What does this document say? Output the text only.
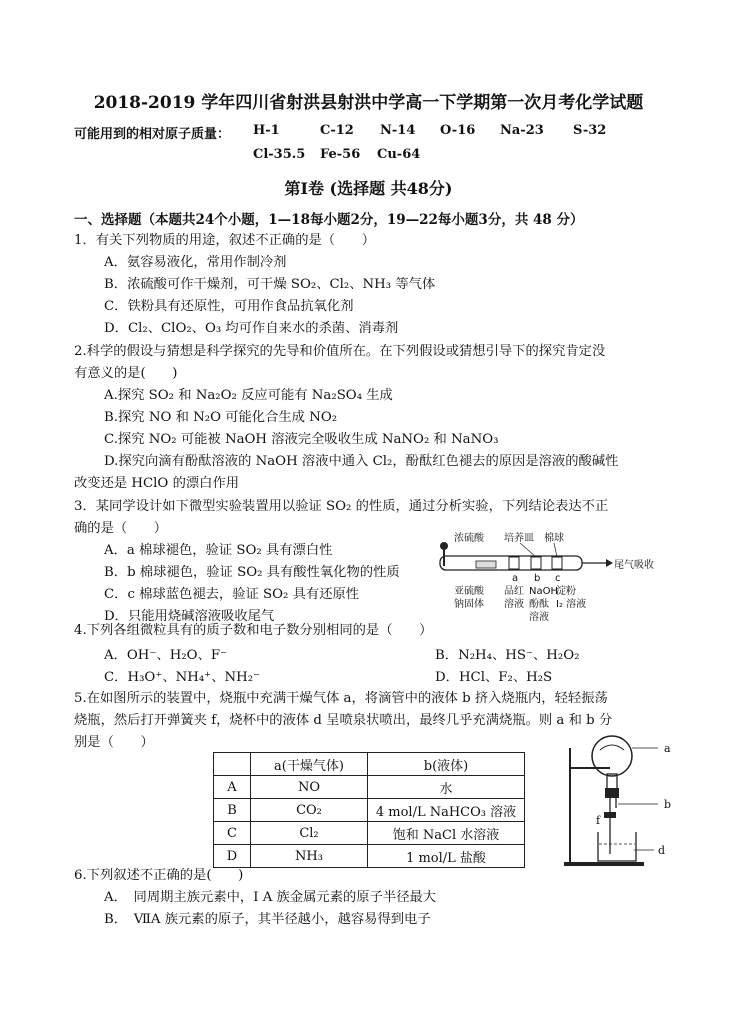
2018-2019 学年四川省射洪县射洪中学高一下学期第一次月考化学试题
可能用到的相对原子质量： H-1	C-12 N-14 O-16 Na-23 S-32
Cl-35.5 Fe-56 Cu-64
第Ⅰ卷 (选择题 共48分)
一、选择题（本题共24个小题，1—18每小题2分，19—22每小题3分，共 48 分）
1．有关下列物质的用途，叙述不正确的是（　　）
A．氨容易液化，常用作制冷剂
B．浓硫酸可作干燥剂，可干燥 SO₂、Cl₂、NH₃ 等气体
C．铁粉具有还原性，可用作食品抗氧化剂
D．Cl₂、ClO₂、O₃ 均可作自来水的杀菌、消毒剂
2.科学的假设与猜想是科学探究的先导和价值所在。在下列假设或猜想引导下的探究肯定没
有意义的是(　　)
A.探究 SO₂ 和 Na₂O₂ 反应可能有 Na₂SO₄ 生成
B.探究 NO 和 N₂O 可能化合生成 NO₂
C.探究 NO₂ 可能被 NaOH 溶液完全吸收生成 NaNO₂ 和 NaNO₃
D.探究向滴有酚酞溶液的 NaOH 溶液中通入 Cl₂，酚酞红色褪去的原因是溶液的酸碱性
改变还是 HClO 的漂白作用
3．某同学设计如下微型实验装置用以验证 SO₂ 的性质，通过分析实验，下列结论表达不正
确的是（　　）
A．a 棉球褪色，验证 SO₂ 具有漂白性
B．b 棉球褪色，验证 SO₂ 具有酸性氧化物的性质
C．c 棉球蓝色褪去，验证 SO₂ 具有还原性
D．只能用烧碱溶液吸收尾气
浓硫酸 培养皿 棉球
尾气吸收
亚硫酸
钠固体
a b c
品红
溶液
NaOH
酚酞
溶液
淀粉
I₂ 溶液
4.下列各组微粒具有的质子数和电子数分别相同的是（　　）
A．OH⁻、H₂O、F⁻	B．N₂H₄、HS⁻、H₂O₂
C．H₃O⁺、NH₄⁺、NH₂⁻	D．HCl、F₂、H₂S
5.在如图所示的装置中，烧瓶中充满干燥气体 a，将滴管中的液体 b 挤入烧瓶内，轻轻振荡
烧瓶，然后打开弹簧夹 f，烧杯中的液体 d 呈喷泉状喷出，最终几乎充满烧瓶。则 a 和 b 分
别是（　　）
	a(干燥气体)	b(液体)
A	NO	水
B	CO₂	4 mol/L NaHCO₃ 溶液
C	Cl₂	饱和 NaCl 水溶液
D	NH₃	1 mol/L 盐酸
a
b
f
d
6.下列叙述不正确的是(　　)
A．　同周期主族元素中，Ⅰ A 族金属元素的原子半径最大
B．　ⅦA 族元素的原子，其半径越小，越容易得到电子
